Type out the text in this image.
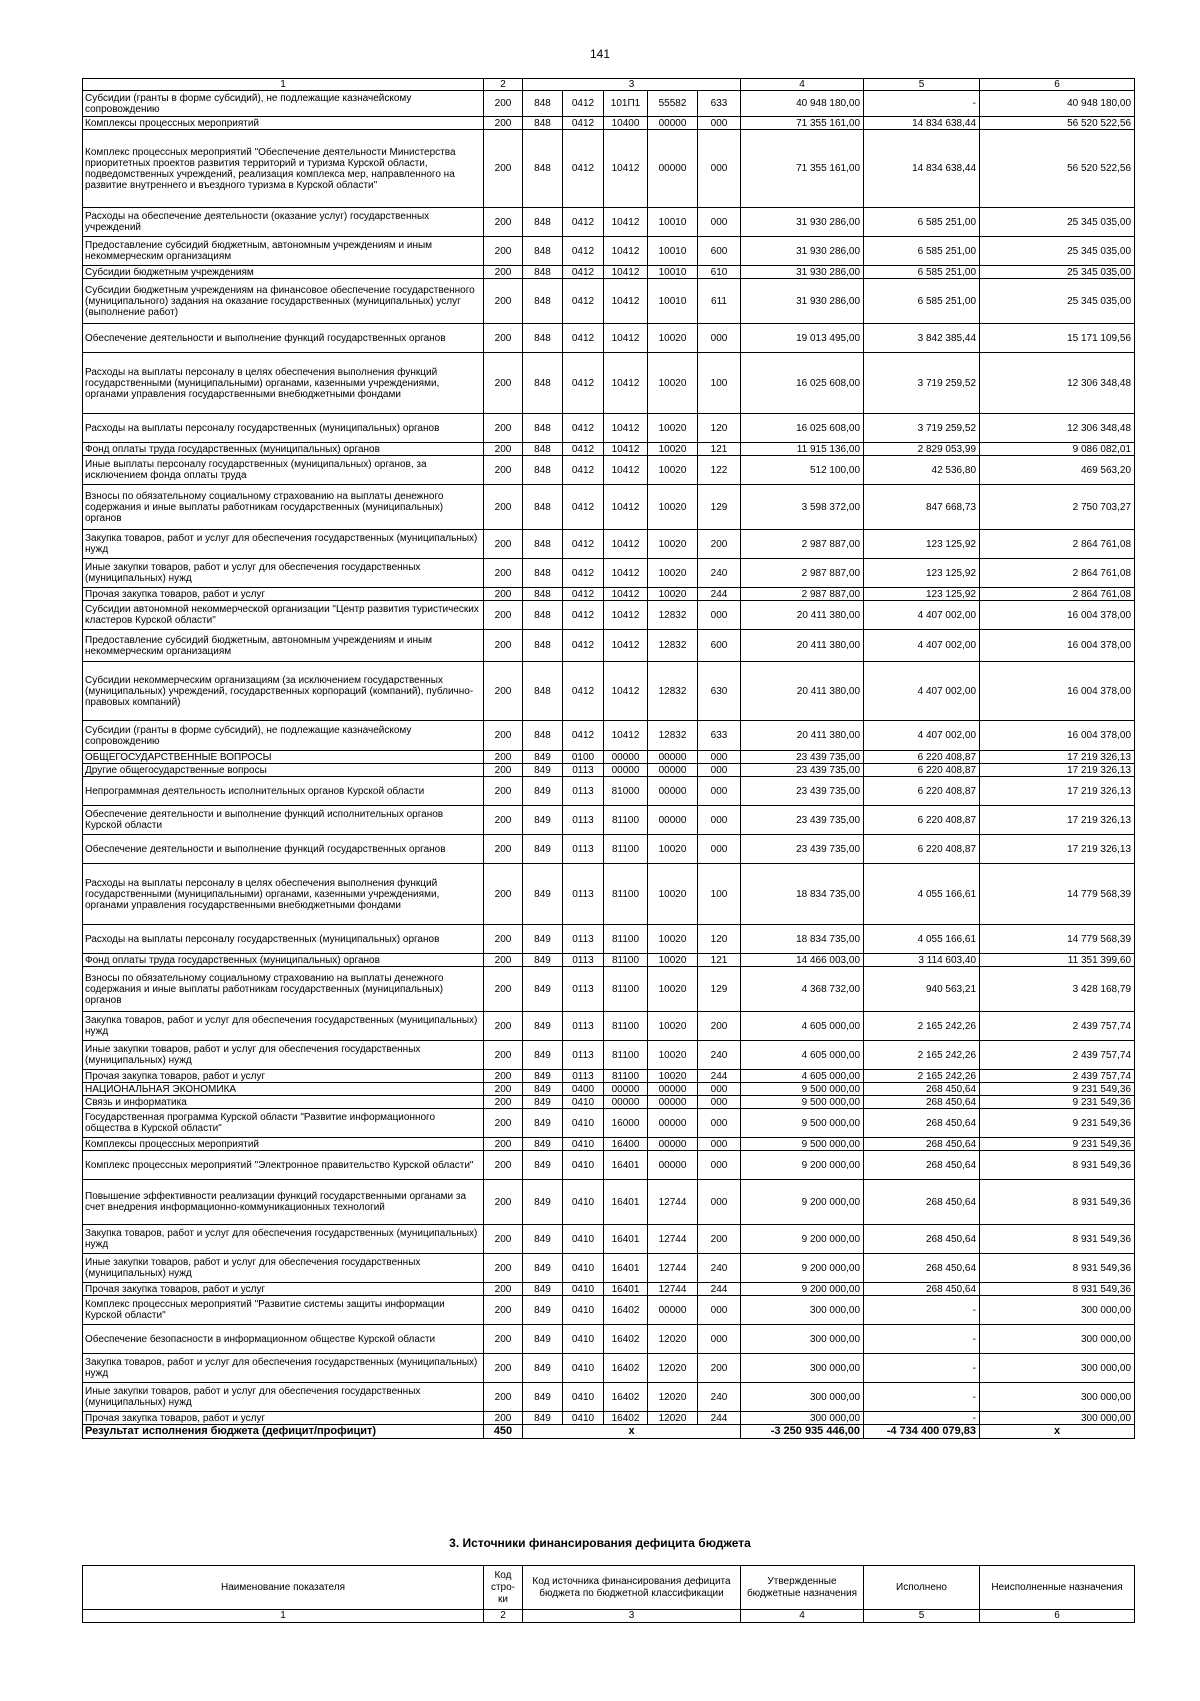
141
1	2	3					4	5	6
Субсидии (гранты в форме субсидий), не подлежащие казначейскому сопровождению	200	848	0412	101П1	55582	633	40 948 180,00	-	40 948 180,00
Комплексы процессных мероприятий	200	848	0412	10400	00000	000	71 355 161,00	14 834 638,44	56 520 522,56
Комплекс процессных мероприятий "Обеспечение деятельности Министерства приоритетных проектов развития территорий и туризма Курской области, подведомственных учреждений, реализация комплекса мер, направленного на развитие внутреннего и въездного туризма в Курской области"	200	848	0412	10412	00000	000	71 355 161,00	14 834 638,44	56 520 522,56
Расходы на обеспечение деятельности (оказание услуг) государственных учреждений	200	848	0412	10412	10010	000	31 930 286,00	6 585 251,00	25 345 035,00
Предоставление субсидий бюджетным, автономным учреждениям и иным некоммерческим организациям	200	848	0412	10412	10010	600	31 930 286,00	6 585 251,00	25 345 035,00
Субсидии бюджетным учреждениям	200	848	0412	10412	10010	610	31 930 286,00	6 585 251,00	25 345 035,00
Субсидии бюджетным учреждениям на финансовое обеспечение государственного (муниципального) задания на оказание государственных (муниципальных) услуг (выполнение работ)	200	848	0412	10412	10010	611	31 930 286,00	6 585 251,00	25 345 035,00
Обеспечение деятельности и выполнение функций государственных органов	200	848	0412	10412	10020	000	19 013 495,00	3 842 385,44	15 171 109,56
Расходы на выплаты персоналу в целях обеспечения выполнения функций государственными (муниципальными) органами, казенными учреждениями, органами управления государственными внебюджетными фондами	200	848	0412	10412	10020	100	16 025 608,00	3 719 259,52	12 306 348,48
Расходы на выплаты персоналу государственных (муниципальных) органов	200	848	0412	10412	10020	120	16 025 608,00	3 719 259,52	12 306 348,48
Фонд оплаты труда государственных (муниципальных) органов	200	848	0412	10412	10020	121	11 915 136,00	2 829 053,99	9 086 082,01
Иные выплаты персоналу государственных (муниципальных) органов, за исключением фонда оплаты труда	200	848	0412	10412	10020	122	512 100,00	42 536,80	469 563,20
Взносы по обязательному социальному страхованию на выплаты денежного содержания и иные выплаты работникам государственных (муниципальных) органов	200	848	0412	10412	10020	129	3 598 372,00	847 668,73	2 750 703,27
Закупка товаров, работ и услуг для обеспечения государственных (муниципальных) нужд	200	848	0412	10412	10020	200	2 987 887,00	123 125,92	2 864 761,08
Иные закупки товаров, работ и услуг для обеспечения государственных (муниципальных) нужд	200	848	0412	10412	10020	240	2 987 887,00	123 125,92	2 864 761,08
Прочая закупка товаров, работ и услуг	200	848	0412	10412	10020	244	2 987 887,00	123 125,92	2 864 761,08
Субсидии автономной некоммерческой организации "Центр развития туристических кластеров Курской области"	200	848	0412	10412	12832	000	20 411 380,00	4 407 002,00	16 004 378,00
Предоставление субсидий бюджетным, автономным учреждениям и иным некоммерческим организациям	200	848	0412	10412	12832	600	20 411 380,00	4 407 002,00	16 004 378,00
Субсидии некоммерческим организациям (за исключением государственных (муниципальных) учреждений, государственных корпораций (компаний), публично-правовых компаний)	200	848	0412	10412	12832	630	20 411 380,00	4 407 002,00	16 004 378,00
Субсидии (гранты в форме субсидий), не подлежащие казначейскому сопровождению	200	848	0412	10412	12832	633	20 411 380,00	4 407 002,00	16 004 378,00
ОБЩЕГОСУДАРСТВЕННЫЕ ВОПРОСЫ	200	849	0100	00000	00000	000	23 439 735,00	6 220 408,87	17 219 326,13
Другие общегосударственные вопросы	200	849	0113	00000	00000	000	23 439 735,00	6 220 408,87	17 219 326,13
Непрограммная деятельность исполнительных органов Курской области	200	849	0113	81000	00000	000	23 439 735,00	6 220 408,87	17 219 326,13
Обеспечение деятельности и выполнение функций исполнительных органов Курской области	200	849	0113	81100	00000	000	23 439 735,00	6 220 408,87	17 219 326,13
Обеспечение деятельности и выполнение функций государственных органов	200	849	0113	81100	10020	000	23 439 735,00	6 220 408,87	17 219 326,13
Расходы на выплаты персоналу в целях обеспечения выполнения функций государственными (муниципальными) органами, казенными учреждениями, органами управления государственными внебюджетными фондами	200	849	0113	81100	10020	100	18 834 735,00	4 055 166,61	14 779 568,39
Расходы на выплаты персоналу государственных (муниципальных) органов	200	849	0113	81100	10020	120	18 834 735,00	4 055 166,61	14 779 568,39
Фонд оплаты труда государственных (муниципальных) органов	200	849	0113	81100	10020	121	14 466 003,00	3 114 603,40	11 351 399,60
Взносы по обязательному социальному страхованию на выплаты денежного содержания и иные выплаты работникам государственных (муниципальных) органов	200	849	0113	81100	10020	129	4 368 732,00	940 563,21	3 428 168,79
Закупка товаров, работ и услуг для обеспечения государственных (муниципальных) нужд	200	849	0113	81100	10020	200	4 605 000,00	2 165 242,26	2 439 757,74
Иные закупки товаров, работ и услуг для обеспечения государственных (муниципальных) нужд	200	849	0113	81100	10020	240	4 605 000,00	2 165 242,26	2 439 757,74
Прочая закупка товаров, работ и услуг	200	849	0113	81100	10020	244	4 605 000,00	2 165 242,26	2 439 757,74
НАЦИОНАЛЬНАЯ ЭКОНОМИКА	200	849	0400	00000	00000	000	9 500 000,00	268 450,64	9 231 549,36
Связь и информатика	200	849	0410	00000	00000	000	9 500 000,00	268 450,64	9 231 549,36
Государственная программа Курской области "Развитие информационного общества в Курской области"	200	849	0410	16000	00000	000	9 500 000,00	268 450,64	9 231 549,36
Комплексы процессных мероприятий	200	849	0410	16400	00000	000	9 500 000,00	268 450,64	9 231 549,36
Комплекс процессных мероприятий "Электронное правительство Курской области"	200	849	0410	16401	00000	000	9 200 000,00	268 450,64	8 931 549,36
Повышение эффективности реализации функций государственными органами за счет внедрения информационно-коммуникационных технологий	200	849	0410	16401	12744	000	9 200 000,00	268 450,64	8 931 549,36
Закупка товаров, работ и услуг для обеспечения государственных (муниципальных) нужд	200	849	0410	16401	12744	200	9 200 000,00	268 450,64	8 931 549,36
Иные закупки товаров, работ и услуг для обеспечения государственных (муниципальных) нужд	200	849	0410	16401	12744	240	9 200 000,00	268 450,64	8 931 549,36
Прочая закупка товаров, работ и услуг	200	849	0410	16401	12744	244	9 200 000,00	268 450,64	8 931 549,36
Комплекс процессных мероприятий "Развитие системы защиты информации Курской области"	200	849	0410	16402	00000	000	300 000,00	-	300 000,00
Обеспечение безопасности в информационном обществе Курской области	200	849	0410	16402	12020	000	300 000,00	-	300 000,00
Закупка товаров, работ и услуг для обеспечения государственных (муниципальных) нужд	200	849	0410	16402	12020	200	300 000,00	-	300 000,00
Иные закупки товаров, работ и услуг для обеспечения государственных (муниципальных) нужд	200	849	0410	16402	12020	240	300 000,00	-	300 000,00
Прочая закупка товаров, работ и услуг	200	849	0410	16402	12020	244	300 000,00	-	300 000,00
Результат исполнения бюджета (дефицит/профицит)	450	x					-3 250 935 446,00	-4 734 400 079,83	x
3. Источники финансирования дефицита бюджета
Наименование показателя	Код стро- ки	Код источника финансирования дефицита бюджета по бюджетной классификации	Утвержденные бюджетные назначения	Исполнено	Неисполненные назначения
1	2	3	4	5	6
